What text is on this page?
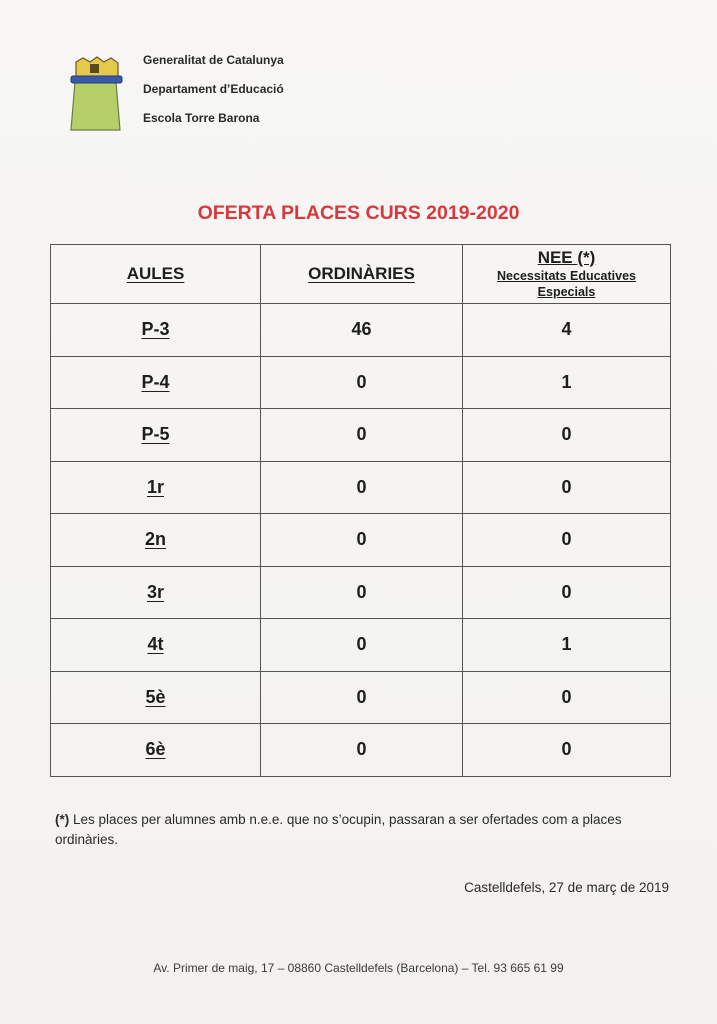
Generalitat de Catalunya
Departament d’Educació
Escola Torre Barona
OFERTA PLACES CURS 2019-2020
AULES	ORDINÀRIES	NEE (*)
Necessitats Educatives
Especials

P-3	46	4
P-4	0	1
P-5	0	0
1r	0	0
2n	0	0
3r	0	0
4t	0	1
5è	0	0
6è	0	0
(*) Les places per alumnes amb n.e.e. que no s’ocupin, passaran a ser ofertades com a places ordinàries.
Castelldefels, 27 de març de 2019
Av. Primer de maig, 17 – 08860 Castelldefels (Barcelona) – Tel. 93 665 61 99
